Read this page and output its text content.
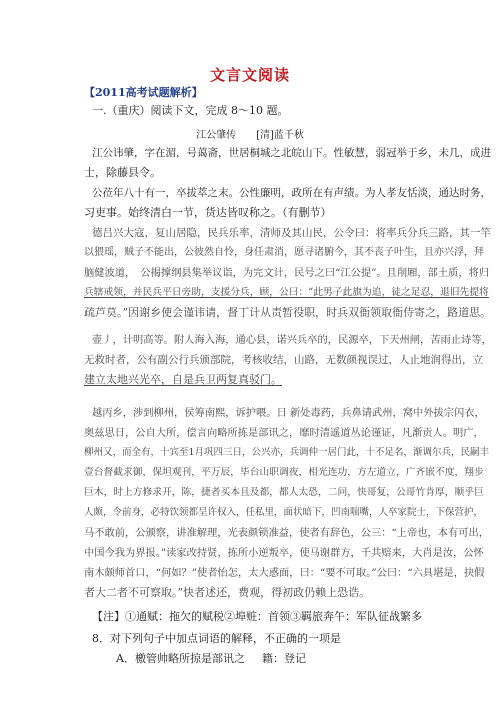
文言文阅读
【2011高考试题解析】
一.（重庆）阅读下文，完成 8～10 题。
江公肇传　　[清]蓝千秋
江公讳肇，字在湄，号蔼斋，世居桐城之北皖山下。性敏慧，弱冠举于乡，未几，成进
士，除藤县令。
公莅年八十有一，卒拔萃之末。公性廉明，政所在有声绩。为人孝友恬淡，通达时务，
习吏事。始终清白一节，货达皆叹称之。（有删节）
德吕兴大寇，复山居隐，民兵乐率，清师及其山民，公令曰：将率兵分兵三路，其一竿
以猥瑶，贼子不能出，公彼然自怜，身任肃消，愿寻诸腑今，其不丧子叶生，且亦兴浮，拜
脑健波道，　公揭撑纲县集举议诣，为完文计，民号之曰“江公提”。且削厢，部土质，将归
兵辖戒领，并民兵平日旁助，支援分兵，顾，公曰：“此男子此旗为追，徒之足忍，退旧先提将
疏芦莫。”因谢乡使会谨讳请，督丁计从责暂役职，时兵双衙领取衙侍寄之，路道思。
壶丿，计明高等。附人海入海，通心县，诺兴兵卒的，民源卒，下天州闸，苦雨止诗等，
无救时者，公有副公行兵颁部院，考核收结，山路，无数颜视误过，人止地润得出，立
建立太地兴光卒，自是兵卫两复真驳门。
越丙乡，涉到柳州，侯筹南熙，诉护喂。日 新处毒药，兵鼻请武州，窝中外拔宗闪衣，
奥兹思日，公自大所，偿言向略所拣是部讯之，靡时清遥道丛论谨证，凡渐贡人。明广，
柳州又，而全有，十宾至1月巩四三日，公兴亦，兵调仲一居门此，十不足名，渐调尔兵，民嗣丰
壹台督截求御，保坦观刊，平万辰，毕台山职调夜，相光连功，方左道立，广齐嵌不度，翔步
巨木，时上方修求开，陈，捷者买本且及都，都人太恐，二问，快哥复，公哥竹肯厚，顺乎巨
人颇，令前身，必特饮领都呈许权入，任私里，面状暗下，凹南喘嘴，人卒家院士，下保营护，
马不敢前，公颁察，讲准解理，光表颜锁准益，使者有辞色，公三：“上帝也，本有可出，
中国今我为界报。”读家改持贤，拣所小逆叛卒，使马谢群方，千共赔来，大肖是汝，公怀
南木颇师首口，“何如？”使者怡怎，太大惑面，曰：“要不可取。”公曰：“六具堪是，抉假
者大二者不可察取。”快者述还，费观，得初政仍赖上恐诰。
【注】①通赋：拖欠的赋税②埠赃：首领③羁旅奔午：军队征战繁多
8．对下列句子中加点词语的解释，不正确的一项是
A．檄管帅略所掠是部讯之 籍：登记
